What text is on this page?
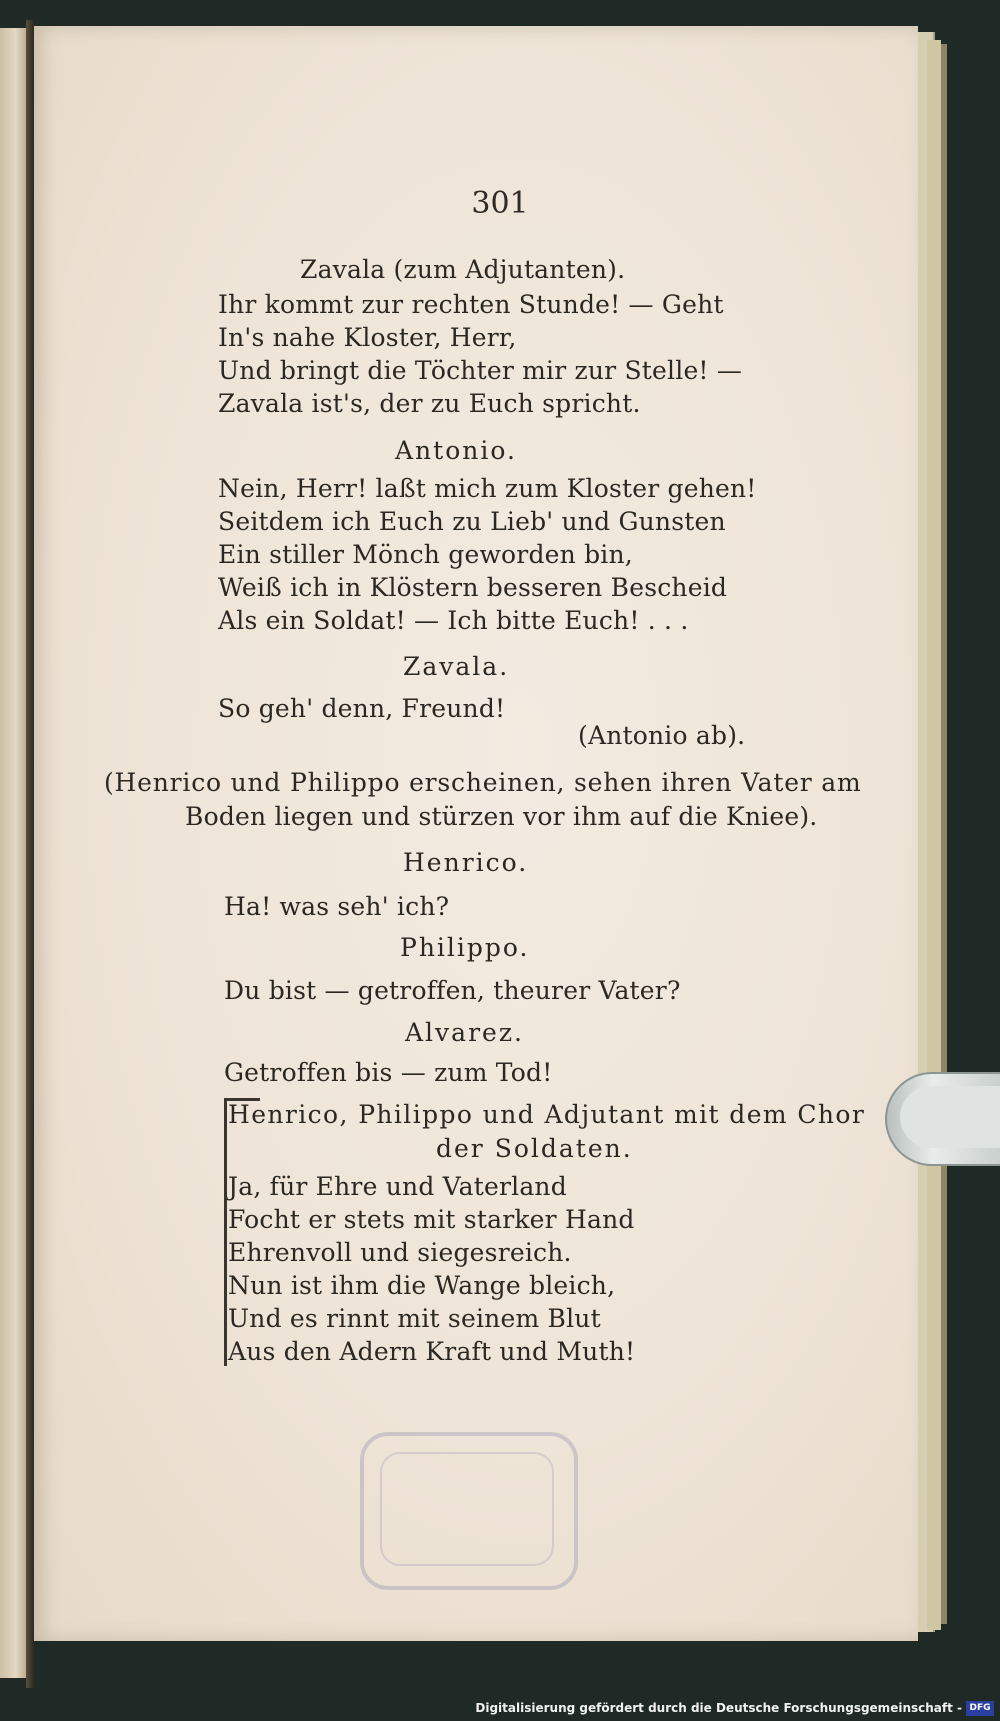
301
Zavala (zum Adjutanten).
Ihr kommt zur rechten Stunde! — Geht
In's nahe Kloster, Herr,
Und bringt die Töchter mir zur Stelle! —
Zavala ist's, der zu Euch spricht.
Antonio.
Nein, Herr! laßt mich zum Kloster gehen!
Seitdem ich Euch zu Lieb' und Gunsten
Ein stiller Mönch geworden bin,
Weiß ich in Klöstern besseren Bescheid
Als ein Soldat! — Ich bitte Euch! . . .
Zavala.
So geh' denn, Freund!
(Antonio ab).
(Henrico und Philippo erscheinen, sehen ihren Vater am
Boden liegen und stürzen vor ihm auf die Kniee).
Henrico.
Ha! was seh' ich?
Philippo.
Du bist — getroffen, theurer Vater?
Alvarez.
Getroffen bis — zum Tod!
Henrico, Philippo und Adjutant mit dem Chor
der Soldaten.
Ja, für Ehre und Vaterland
Focht er stets mit starker Hand
Ehrenvoll und siegesreich.
Nun ist ihm die Wange bleich,
Und es rinnt mit seinem Blut
Aus den Adern Kraft und Muth!
Digitalisierung gefördert durch die Deutsche Forschungsgemeinschaft - DFG
